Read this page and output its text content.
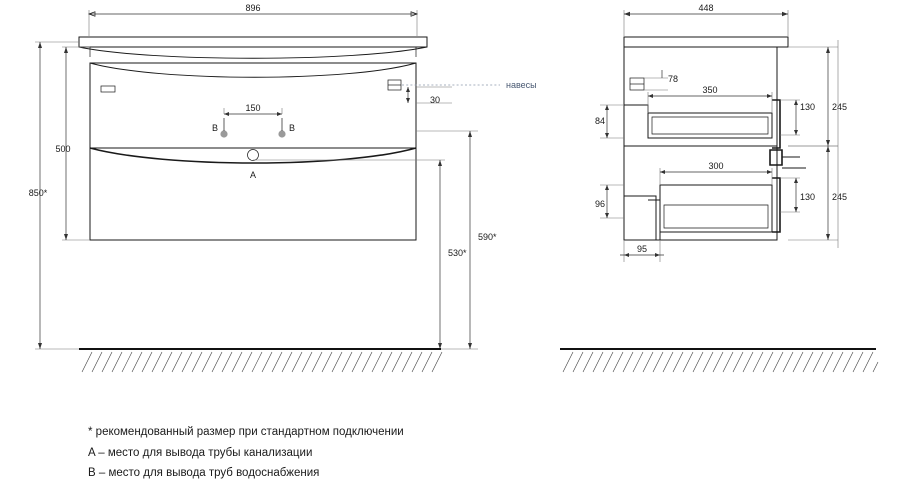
896
B	B
A
150
500
850*
30
590*
530*
навесы
448
78
350
130 245
84
300
130 245
96
95

* рекомендованный размер при стандартном подключении

A – место для вывода трубы канализации

B – место для вывода труб водоснабжения
